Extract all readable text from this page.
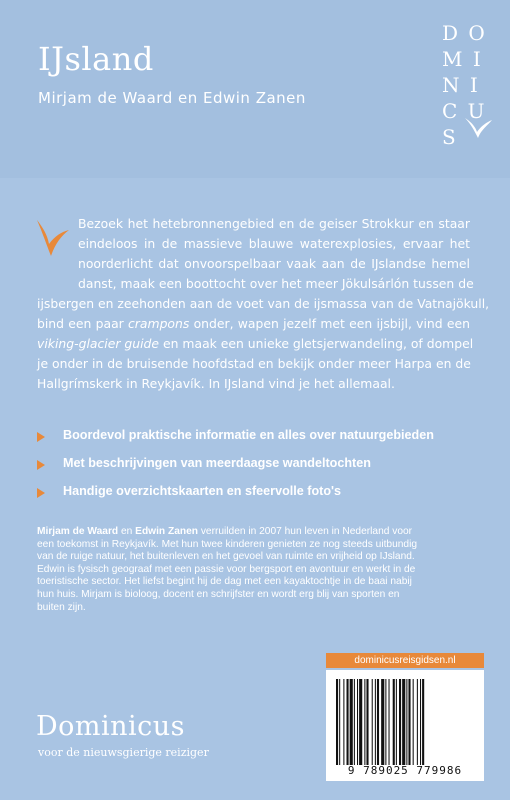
IJsland
Mirjam de Waard en Edwin Zanen
D O
M I
N I
C U
S
Bezoek het hetebronnengebied en de geiser Strokkur en staar
eindeloos in de massieve blauwe waterexplosies, ervaar het
noorderlicht dat onvoorspelbaar vaak aan de IJslandse hemel
danst, maak een boottocht over het meer Jökulsárlón tussen de
ijsbergen en zeehonden aan de voet van de ijsmassa van de Vatnajökull,
bind een paar crampons onder, wapen jezelf met een ijsbijl, vind een
viking-glacier guide en maak een unieke gletsjerwandeling, of dompel
je onder in de bruisende hoofdstad en bekijk onder meer Harpa en de
Hallgrímskerk in Reykjavík. In IJsland vind je het allemaal.
Boordevol praktische informatie en alles over natuurgebieden
Met beschrijvingen van meerdaagse wandeltochten
Handige overzichtskaarten en sfeervolle foto's
Mirjam de Waard en Edwin Zanen verruilden in 2007 hun leven in Nederland voor
een toekomst in Reykjavík. Met hun twee kinderen genieten ze nog steeds uitbundig
van de ruige natuur, het buitenleven en het gevoel van ruimte en vrijheid op IJsland.
Edwin is fysisch geograaf met een passie voor bergsport en avontuur en werkt in de
toeristische sector. Het liefst begint hij de dag met een kayaktochtje in de baai nabij
hun huis. Mirjam is bioloog, docent en schrijfster en wordt erg blij van sporten en
buiten zijn.
dominicusreisgidsen.nl
9 789025 779986
Dominicus
voor de nieuwsgierige reiziger
